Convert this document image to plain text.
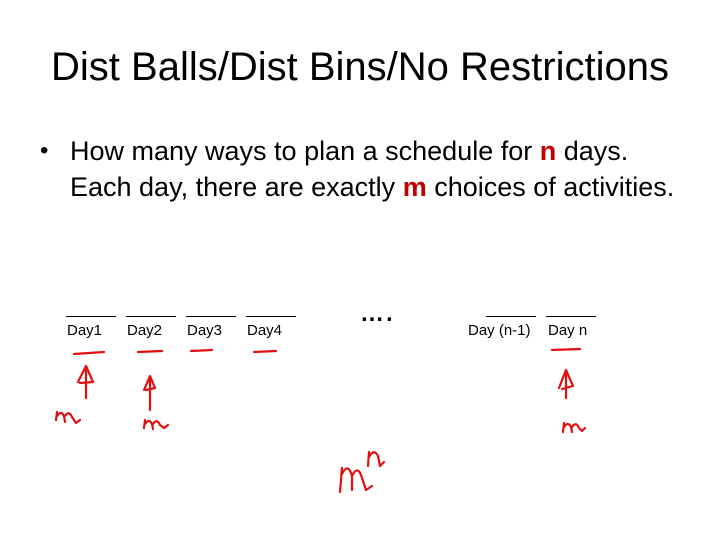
Dist Balls/Dist Bins/No Restrictions
• How many ways to plan a schedule for n days. Each day, there are exactly m choices of activities.
Day1 Day2 Day3 Day4	Day (n-1) Day n
….
